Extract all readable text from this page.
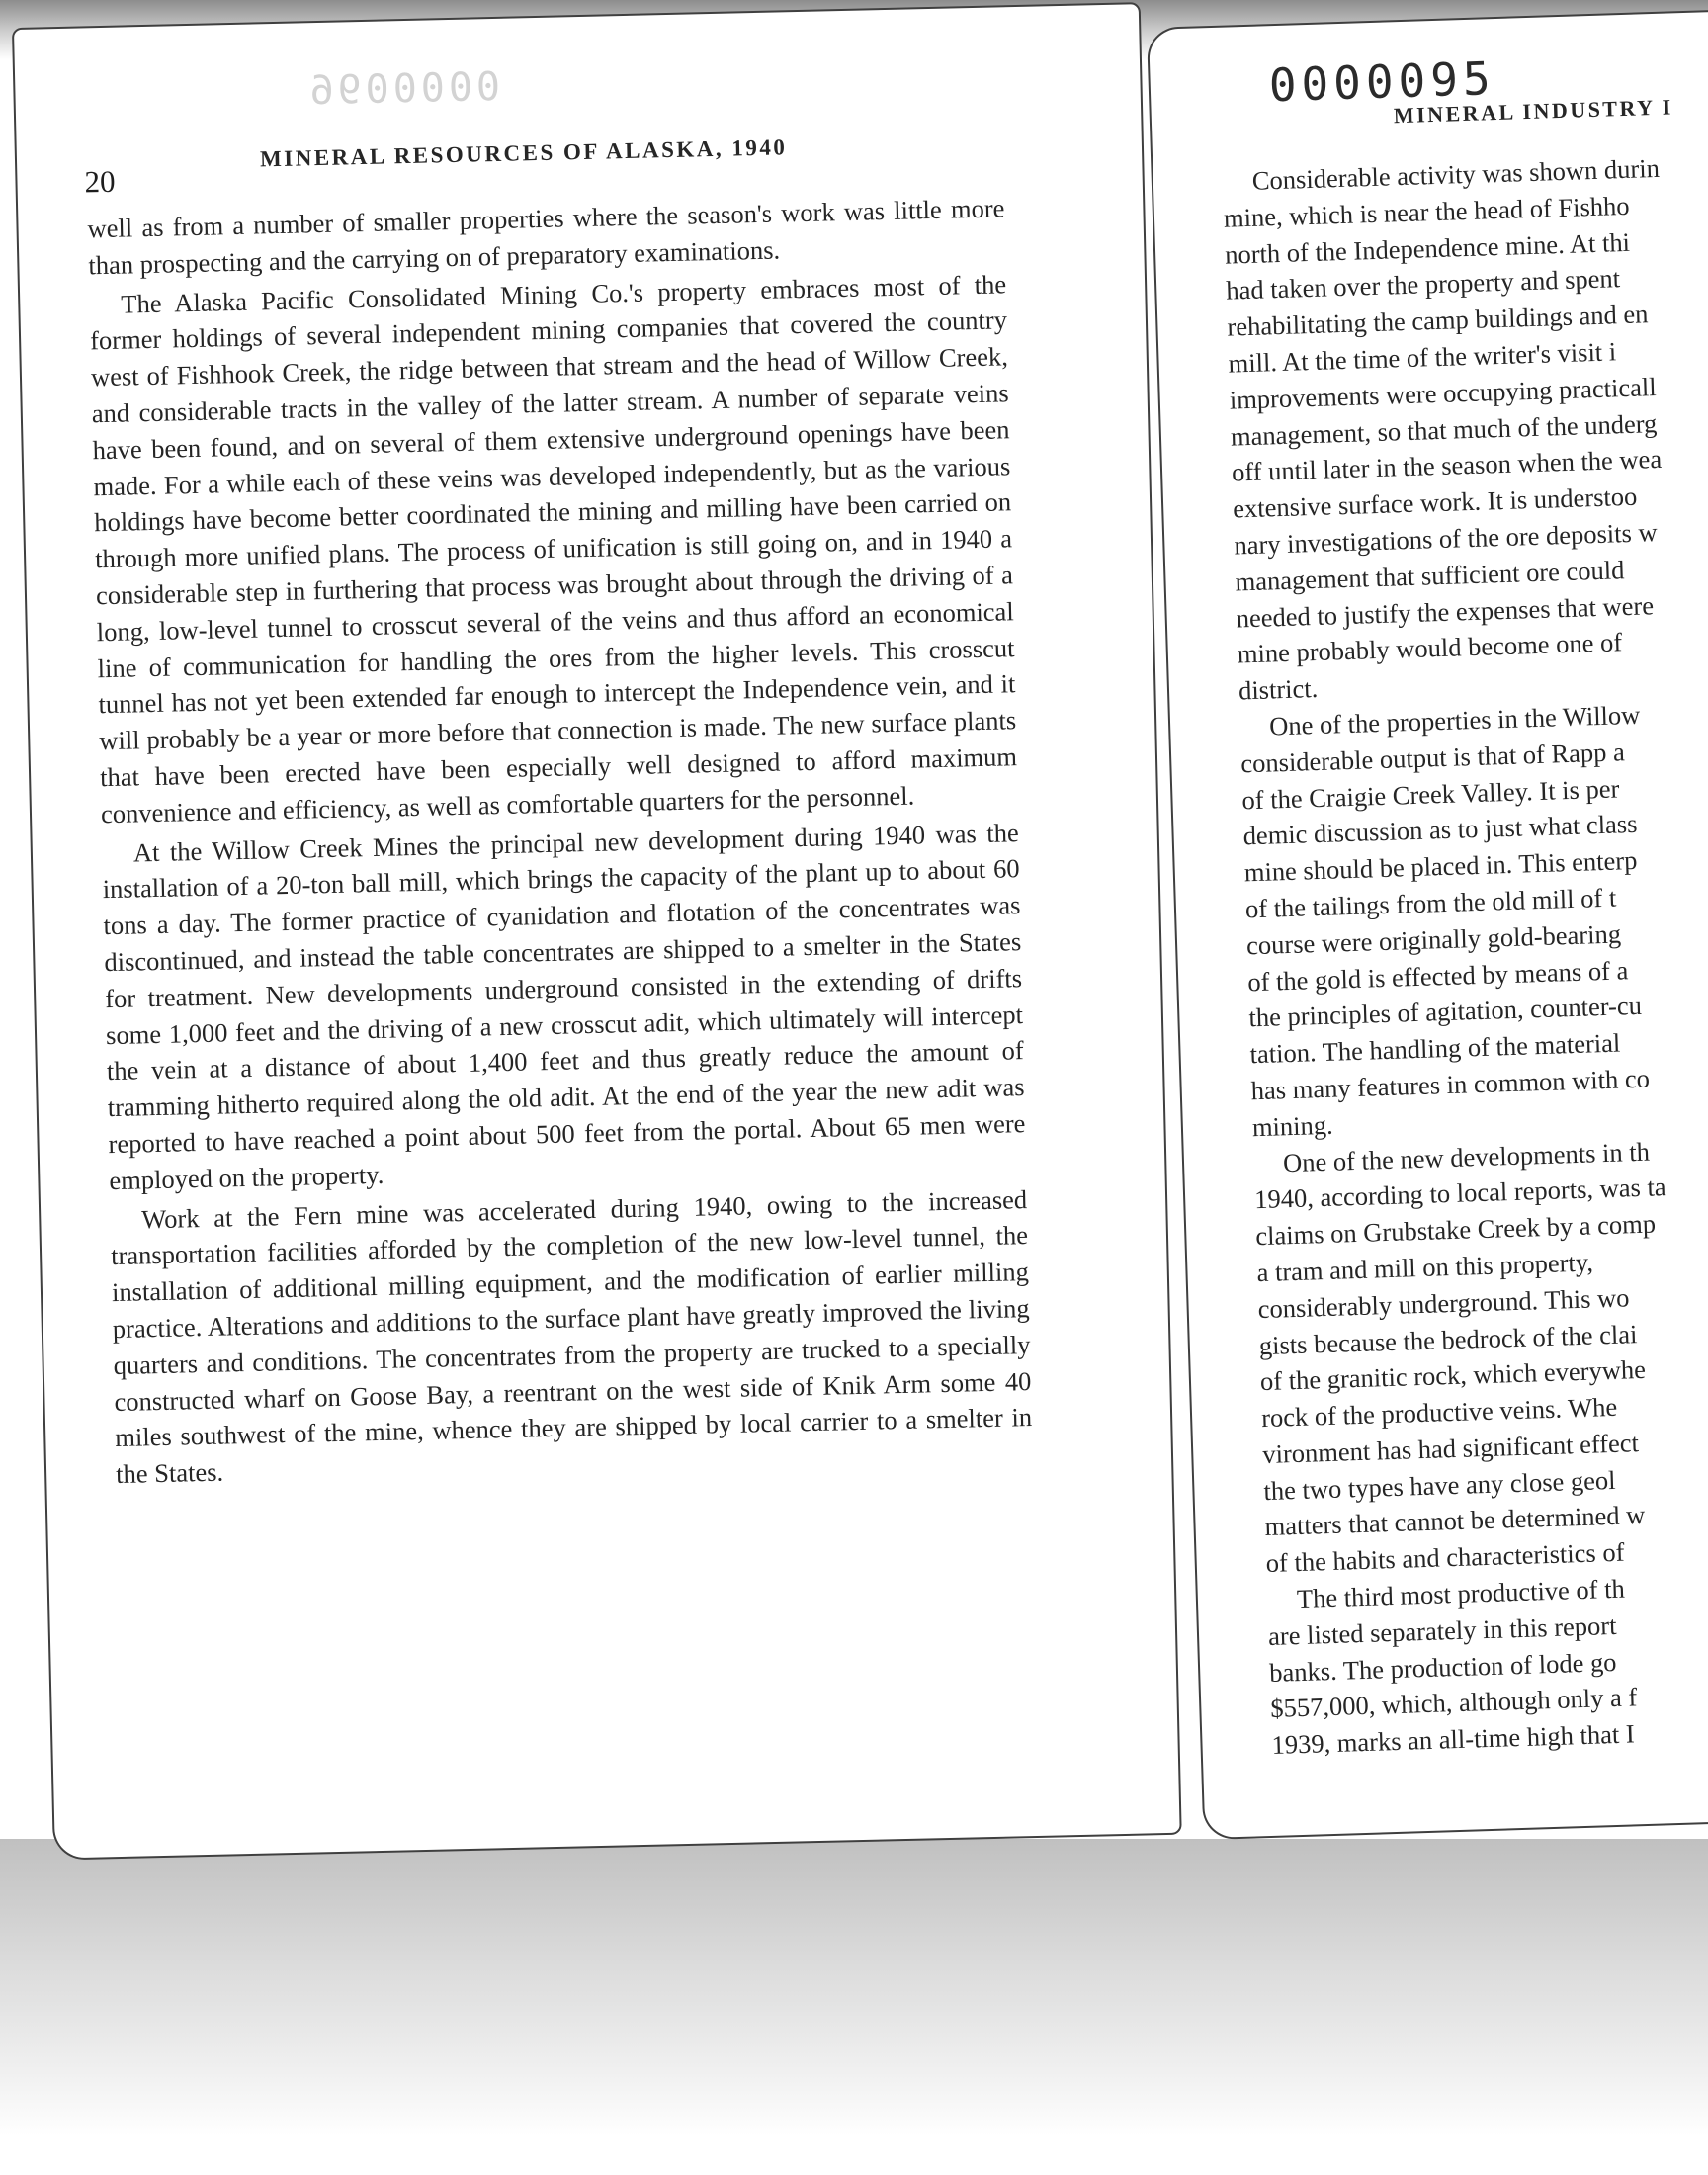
0000096
20
MINERAL RESOURCES OF ALASKA, 1940

well as from a number of smaller properties where the season's work was little more than prospecting and the carrying on of preparatory examinations.

The Alaska Pacific Consolidated Mining Co.'s property embraces most of the former holdings of several independent mining companies that covered the country west of Fishhook Creek, the ridge between that stream and the head of Willow Creek, and considerable tracts in the valley of the latter stream. A number of separate veins have been found, and on several of them extensive underground openings have been made. For a while each of these veins was developed independently, but as the various holdings have become better coordinated the mining and milling have been carried on through more unified plans. The process of unification is still going on, and in 1940 a considerable step in furthering that process was brought about through the driving of a long, low-level tunnel to crosscut several of the veins and thus afford an economical line of communication for handling the ores from the higher levels. This crosscut tunnel has not yet been extended far enough to intercept the Independence vein, and it will probably be a year or more before that connection is made. The new surface plants that have been erected have been especially well designed to afford maximum convenience and efficiency, as well as comfortable quarters for the personnel.

At the Willow Creek Mines the principal new development during 1940 was the installation of a 20-ton ball mill, which brings the capacity of the plant up to about 60 tons a day. The former practice of cyanidation and flotation of the concentrates was discontinued, and instead the table concentrates are shipped to a smelter in the States for treatment. New developments underground consisted in the extending of drifts some 1,000 feet and the driving of a new crosscut adit, which ultimately will intercept the vein at a distance of about 1,400 feet and thus greatly reduce the amount of tramming hitherto required along the old adit. At the end of the year the new adit was reported to have reached a point about 500 feet from the portal. About 65 men were employed on the property.

Work at the Fern mine was accelerated during 1940, owing to the increased transportation facilities afforded by the completion of the new low-level tunnel, the installation of additional milling equipment, and the modification of earlier milling practice. Alterations and additions to the surface plant have greatly improved the living quarters and conditions. The concentrates from the property are trucked to a specially constructed wharf on Goose Bay, a reentrant on the west side of Knik Arm some 40 miles southwest of the mine, whence they are shipped by local carrier to a smelter in the States.

0000095
MINERAL INDUSTRY I
Considerable activity was shown durin
mine, which is near the head of Fishho
north of the Independence mine. At thi
had taken over the property and spent
rehabilitating the camp buildings and en
mill. At the time of the writer's visit i
improvements were occupying practicall
management, so that much of the underg
off until later in the season when the wea
extensive surface work. It is understoo
nary investigations of the ore deposits w
management that sufficient ore could
needed to justify the expenses that were
mine probably would become one of
district.
One of the properties in the Willow
considerable output is that of Rapp a
of the Craigie Creek Valley. It is per
demic discussion as to just what class
mine should be placed in. This enterp
of the tailings from the old mill of t
course were originally gold-bearing
of the gold is effected by means of a
the principles of agitation, counter-cu
tation. The handling of the material
has many features in common with co
mining.
One of the new developments in th
1940, according to local reports, was ta
claims on Grubstake Creek by a comp
a tram and mill on this property,
considerably underground. This wo
gists because the bedrock of the clai
of the granitic rock, which everywhe
rock of the productive veins. Whe
vironment has had significant effect
the two types have any close geol
matters that cannot be determined w
of the habits and characteristics of
The third most productive of th
are listed separately in this report
banks. The production of lode go
$557,000, which, although only a f
1939, marks an all-time high that I
